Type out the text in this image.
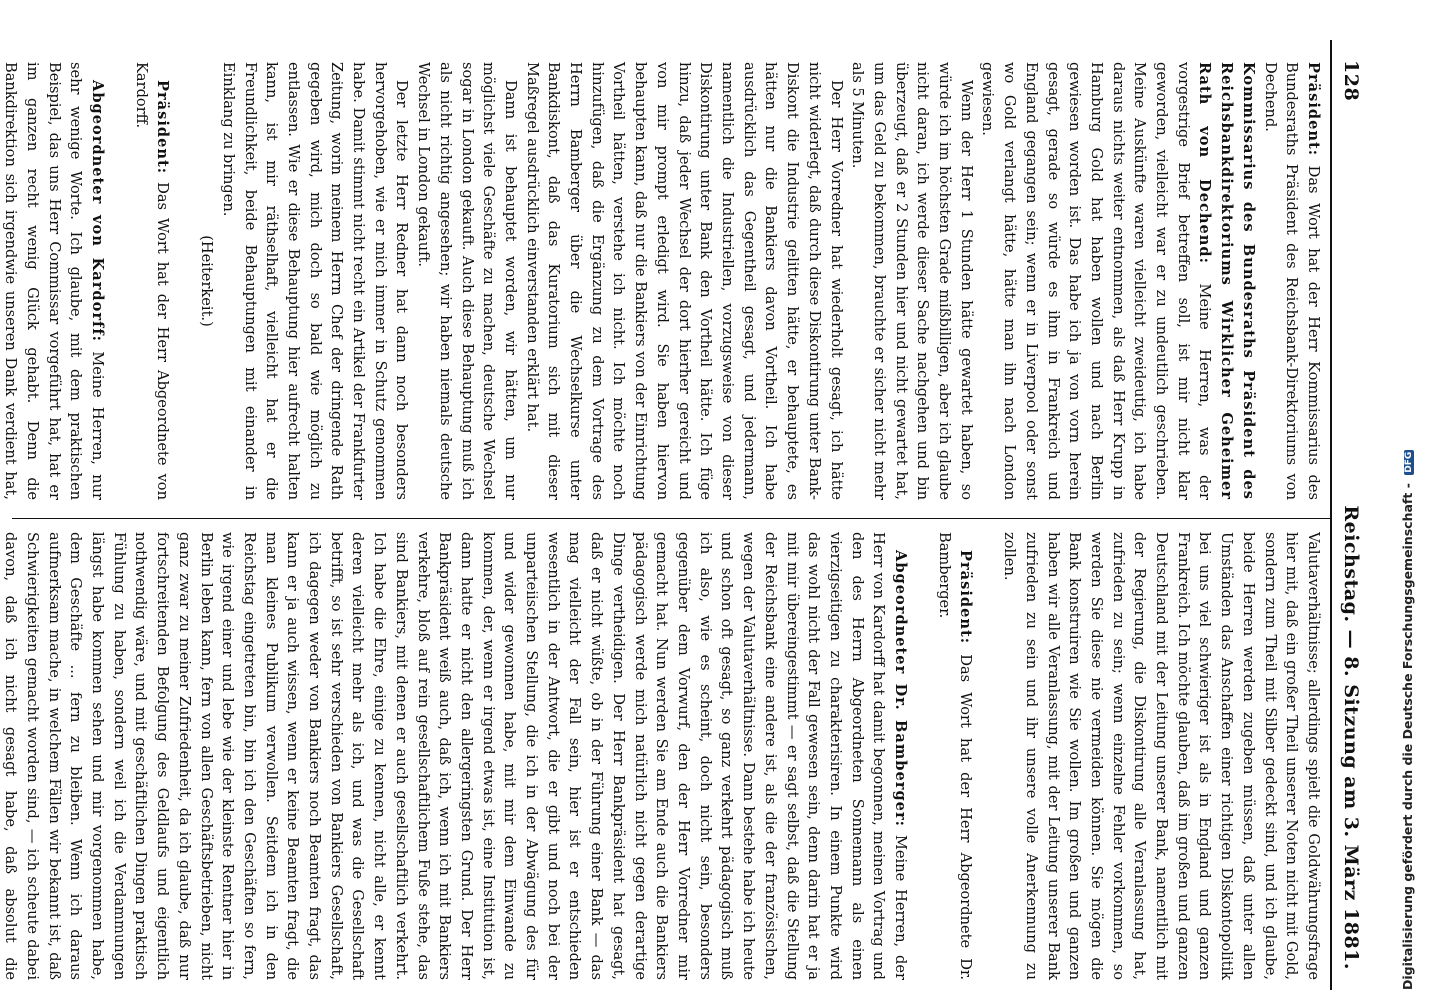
128
Reichstag. — 8. Sitzung am 3. März 1881.

Präsident: Das Wort hat der Herr Kommissarius des Bundesraths Präsident des Reichsbank-Direktoriums von Dechend.

Kommissarius des Bundesraths Präsident des Reichsbankdirektoriums Wirklicher Geheimer Rath von Dechend: Meine Herren, was der vorgestrige Brief betreffen soll, ist mir nicht klar geworden, vielleicht war er zu undeutlich geschrieben. Meine Auskünfte waren vielleicht zweideutig, ich habe daraus nichts weiter entnommen, als daß Herr Krupp in Hamburg Gold hat haben wollen und nach Berlin gewiesen worden ist. Das habe ich ja von vorn herein gesagt, gerade so würde es ihm in Frankreich und England gegangen sein; wenn er in Liverpool oder sonst wo Gold verlangt hätte, hätte man ihn nach London gewiesen.

Wenn der Herr 1 Stunden hätte gewartet haben, so würde ich im höchsten Grade mißbilligen, aber ich glaube nicht daran, ich werde dieser Sache nachgehen und bin überzeugt, daß er 2 Stunden hier und nicht gewartet hat, um das Geld zu bekommen, brauchte er sicher nicht mehr als 5 Minuten.

Der Herr Vorredner hat wiederholt gesagt, ich hätte nicht widerlegt, daß durch diese Diskontirung unter Bank-Diskont die Industrie gelitten hätte, er behauptete, es hätten nur die Bankiers davon Vortheil. Ich habe ausdrücklich das Gegentheil gesagt, und jedermann, namentlich die Industriellen, vorzugsweise von dieser Diskontirung unter Bank den Vortheil hätte. Ich füge hinzu, daß jeder Wechsel der dort hierher gereicht und von mir prompt erledigt wird. Sie haben hiervon behaupten kann, daß nur die Bankiers von der Einrichtung Vortheil hätten, verstehe ich nicht. Ich möchte noch hinzufügen, daß die Ergänzung zu dem Vortrage des Herrn Bamberger über die Wechselkurse unter Bankdiskont, daß das Kuratorium sich mit dieser Maßregel ausdrücklich einverstanden erklärt hat.

Dann ist behauptet worden, wir hätten, um nur möglichst viele Geschäfte zu machen, deutsche Wechsel sogar in London gekauft. Auch diese Behauptung muß ich als nicht richtig angesehen; wir haben niemals deutsche Wechsel in London gekauft.

Der letzte Herr Redner hat dann noch besonders hervorgehoben, wie er mich immer in Schutz genommen habe. Damit stimmt nicht recht ein Artikel der Frankfurter Zeitung, worin meinem Herrn Chef der dringende Rath gegeben wird, mich doch so bald wie möglich zu entlassen. Wie er diese Behauptung hier aufrecht halten kann, ist mir räthselhaft, vielleicht hat er die Freundlichkeit, beide Behauptungen mit einander in Einklang zu bringen.

(Heiterkeit.)

Präsident: Das Wort hat der Herr Abgeordnete von Kardorff.

Abgeordneter von Kardorff: Meine Herren, nur sehr wenige Worte. Ich glaube, mit dem praktischen Beispiel, das uns Herr Commissar vorgeführt hat, hat er im ganzen recht wenig Glück gehabt. Denn die Bankdirektion sich irgendwie unseren Dank verdient hat,

Valutaverhältnisse; allerdings spielt die Goldwährungsfrage hier mit, daß ein großer Theil unserer Noten nicht mit Gold, sondern zum Theil mit Silber gedeckt sind, und ich glaube, beide Herren werden zugeben müssen, daß unter allen Umständen das Anschaffen einer richtigen Diskontopolitik bei uns viel schwieriger ist als in England und ganzen Frankreich. Ich möchte glauben, daß im großen und ganzen Deutschland mit der Leitung unserer Bank, namentlich mit der Regierung, die Diskontirung alle Veranlassung hat, zufrieden zu sein; wenn einzelne Fehler vorkommen, so werden Sie diese nie vermeiden können. Sie mögen die Bank konstruiren wie Sie wollen. Im großen und ganzen haben wir alle Veranlassung, mit der Leitung unserer Bank zufrieden zu sein und ihr unsere volle Anerkennung zu zollen.

Präsident: Das Wort hat der Herr Abgeordnete Dr. Bamberger.

Abgeordneter Dr. Bamberger: Meine Herren, der Herr von Kardorff hat damit begonnen, meinen Vortrag und den des Herrn Abgeordneten Sonnemann als einen vierzigseitigen zu charakterisiren. In einem Punkte wird das wohl nicht der Fall gewesen sein, denn darin hat er ja mit mir übereingestimmt — er sagt selbst, daß die Stellung der Reichsbank eine andere ist, als die der französischen, wegen der Valutaverhältnisse. Dann bestehe habe ich heute und schon oft gesagt, so ganz verkehrt pädagogisch muß ich also, wie es scheint, doch nicht sein, besonders gegenüber dem Vorwurf, den der Herr Vorredner mir gemacht hat. Nun werden Sie am Ende auch die Bankiers pädagogisch werde mich natürlich nicht gegen derartige Dinge vertheidigen. Der Herr Bankpräsident hat gesagt, daß er nicht wüßte, ob in der Führung einer Bank — das mag vielleicht der Fall sein, hier ist er entschieden wesentlich in der Antwort, die er gibt und noch bei der unparteiischen Stellung, die ich in der Abwägung des für und wider gewonnen habe, mit mir dem Einwande zu kommen, der, wenn er irgend etwas ist, eine Institution ist, dann hatte er nicht den allergeringsten Grund. Der Herr Bankpräsident weiß auch, daß ich, wenn ich mit Bankiers verkehre, bloß auf rein gesellschaftlichem Fuße stehe, das sind Bankiers, mit denen er auch gesellschaftlich verkehrt. Ich habe die Ehre, einige zu kennen, nicht alle, er kennt deren vielleicht mehr als ich, und was die Gesellschaft betrifft, so ist sehr verschieden von Bankiers Gesellschaft, ich dagegen weder von Bankiers noch Beamten fragt, das kann er ja auch wissen, wenn er keine Beamten fragt, die man kleines Publikum verwollen. Seitdem ich in den Reichstag eingetreten bin, bin ich den Geschäften so fern, wie irgend einer und lebe wie der kleinste Rentner hier in Berlin leben kann, fern von allen Geschäftsbetrieben, nicht ganz zwar zu meiner Zufriedenheit, da ich glaube, daß nur fortschreitenden Befolgung des Geldlaufs und eigentlich nothwendig wäre, und mit geschäftlichen Dingen praktisch Fühlung zu haben, sondern weil ich die Verdammungen längst habe kommen sehen und mir vorgenommen habe, dem Geschäfte ... fern zu bleiben. Wenn ich daraus aufmerksam mache, in welchem Fällen wir bekannt ist, daß Schwierigkeiten gemacht worden sind, — ich scheute dabei davon, daß ich nicht gesagt habe, daß absolut die	Digitalisierung gefördert durch die Deutsche Forschungsgemeinschaft - DFG
